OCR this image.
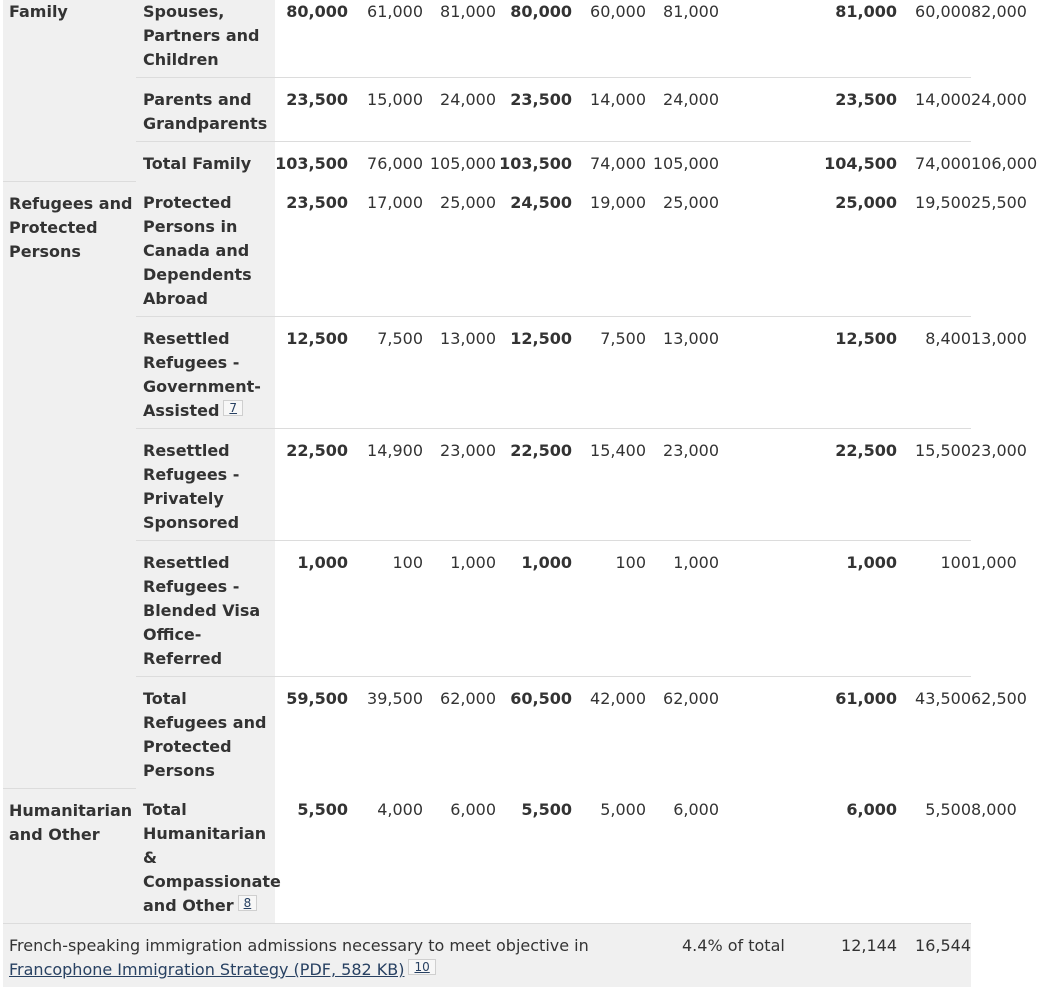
Family	Spouses, Partners and Children	80,000	61,000	81,000	80,000	60,000	81,000		81,000	60,000	82,000
	Parents and Grandparents	23,500	15,000	24,000	23,500	14,000	24,000		23,500	14,000	24,000
	Total Family	103,500	76,000	105,000	103,500	74,000	105,000		104,500	74,000	106,000
Refugees and Protected Persons	Protected Persons in Canada and Dependents Abroad	23,500	17,000	25,000	24,500	19,000	25,000		25,000	19,500	25,500
	Resettled Refugees - Government-Assisted 7	12,500	7,500	13,000	12,500	7,500	13,000		12,500	8,400	13,000
	Resettled Refugees - Privately Sponsored	22,500	14,900	23,000	22,500	15,400	23,000		22,500	15,500	23,000
	Resettled Refugees - Blended Visa Office-Referred	1,000	100	1,000	1,000	100	1,000		1,000	100	1,000
	Total Refugees and Protected Persons	59,500	39,500	62,000	60,500	42,000	62,000		61,000	43,500	62,500
Humanitarian and Other	Total Humanitarian & Compassionate and Other 8	5,500	4,000	6,000	5,500	5,000	6,000		6,000	5,500	8,000
French-speaking immigration admissions necessary to meet objective in Francophone Immigration Strategy (PDF, 582 KB) 10							4.4% of total		12,144	16,544	
